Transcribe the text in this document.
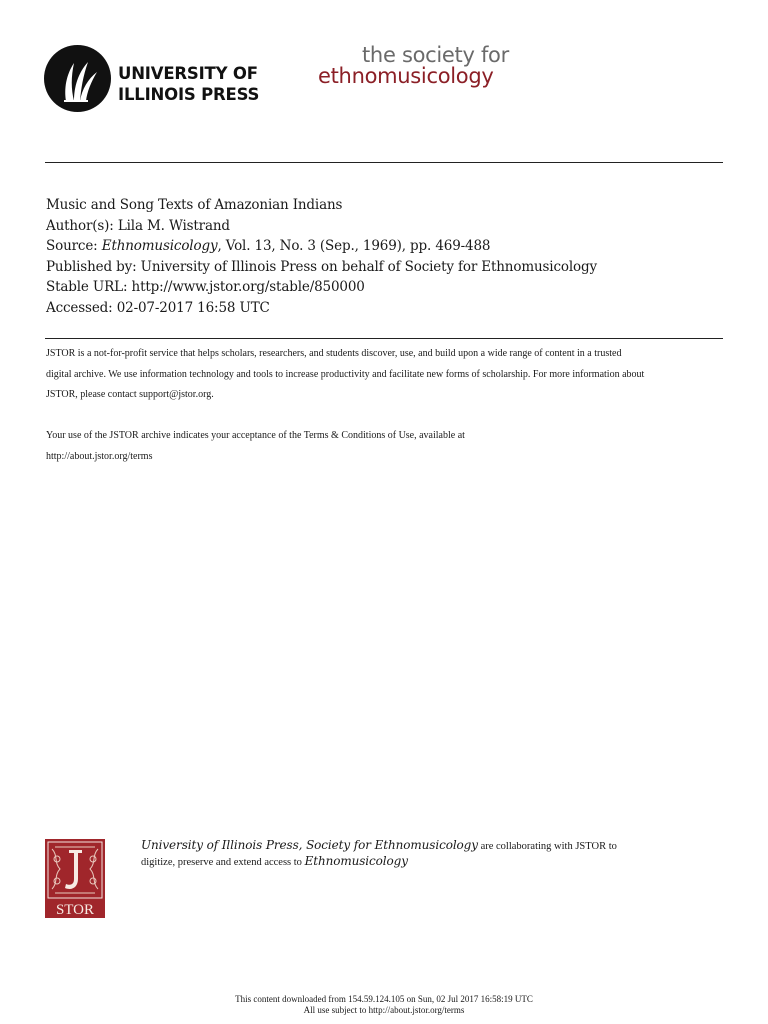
UNIVERSITY OF
ILLINOIS PRESS
the society for
ethnomusicology
Music and Song Texts of Amazonian Indians
Author(s): Lila M. Wistrand
Source: Ethnomusicology, Vol. 13, No. 3 (Sep., 1969), pp. 469-488
Published by: University of Illinois Press on behalf of Society for Ethnomusicology
Stable URL: http://www.jstor.org/stable/850000
Accessed: 02-07-2017 16:58 UTC
JSTOR is a not-for-profit service that helps scholars, researchers, and students discover, use, and build upon a wide range of content in a trusted
digital archive. We use information technology and tools to increase productivity and facilitate new forms of scholarship. For more information about
JSTOR, please contact support@jstor.org.
Your use of the JSTOR archive indicates your acceptance of the Terms & Conditions of Use, available at
http://about.jstor.org/terms
STOR
University of Illinois Press, Society for Ethnomusicology are collaborating with JSTOR to
digitize, preserve and extend access to Ethnomusicology
This content downloaded from 154.59.124.105 on Sun, 02 Jul 2017 16:58:19 UTC
All use subject to http://about.jstor.org/terms
